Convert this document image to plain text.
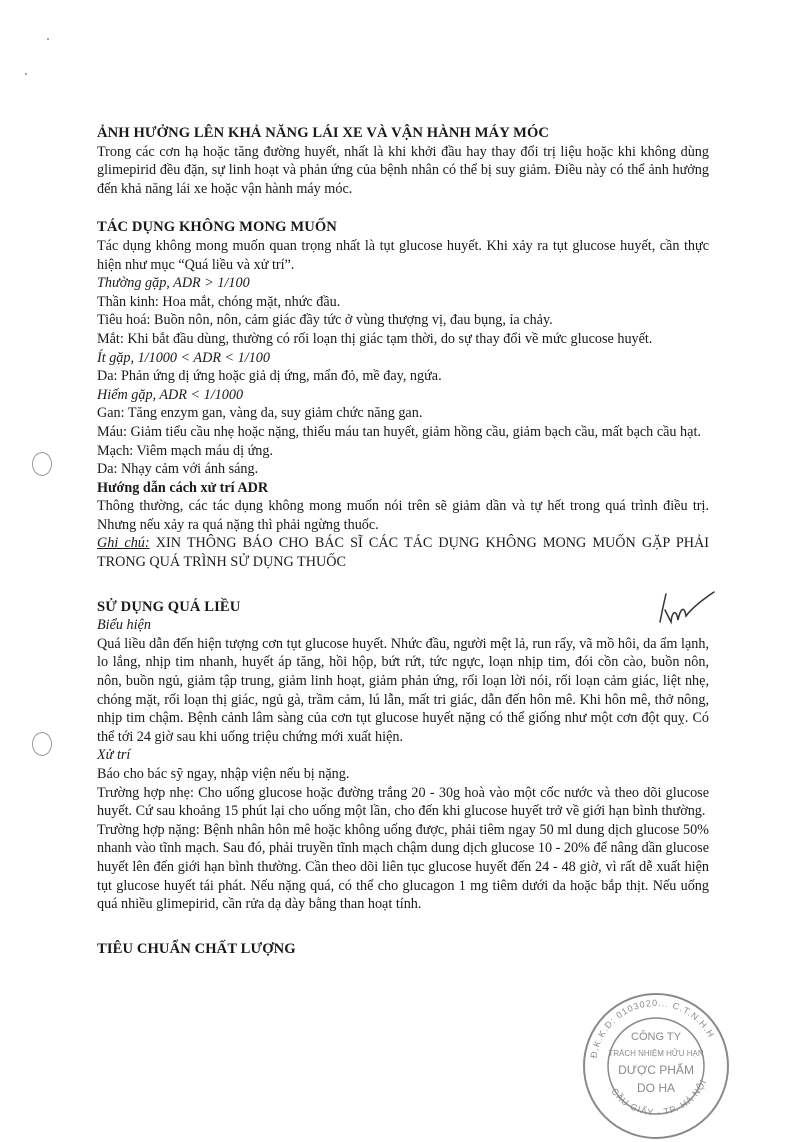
ẢNH HƯỞNG LÊN KHẢ NĂNG LÁI XE VÀ VẬN HÀNH MÁY MÓC

Trong các cơn hạ hoặc tăng đường huyết, nhất là khi khởi đầu hay thay đổi trị liệu hoặc khi không dùng glimepirid đều đặn, sự linh hoạt và phản ứng của bệnh nhân có thể bị suy giảm. Điều này có thể ảnh hưởng đến khả năng lái xe hoặc vận hành máy móc.

TÁC DỤNG KHÔNG MONG MUỐN

Tác dụng không mong muốn quan trọng nhất là tụt glucose huyết. Khi xảy ra tụt glucose huyết, cần thực hiện như mục “Quá liều và xử trí”.

Thường gặp, ADR > 1/100

Thần kinh: Hoa mắt, chóng mặt, nhức đầu.

Tiêu hoá: Buồn nôn, nôn, cảm giác đầy tức ở vùng thượng vị, đau bụng, ỉa chảy.

Mắt: Khi bắt đầu dùng, thường có rối loạn thị giác tạm thời, do sự thay đổi về mức glucose huyết.

Ít gặp, 1/1000 < ADR < 1/100

Da: Phản ứng dị ứng hoặc giả dị ứng, mẩn đỏ, mề đay, ngứa.

Hiếm gặp, ADR < 1/1000

Gan: Tăng enzym gan, vàng da, suy giảm chức năng gan.

Máu: Giảm tiểu cầu nhẹ hoặc nặng, thiếu máu tan huyết, giảm hồng cầu, giảm bạch cầu, mất bạch cầu hạt.

Mạch: Viêm mạch máu dị ứng.

Da: Nhạy cảm với ánh sáng.

Hướng dẫn cách xử trí ADR

Thông thường, các tác dụng không mong muốn nói trên sẽ giảm dần và tự hết trong quá trình điều trị. Nhưng nếu xảy ra quá nặng thì phải ngừng thuốc.

Ghi chú: XIN THÔNG BÁO CHO BÁC SĨ CÁC TÁC DỤNG KHÔNG MONG MUỐN GẶP PHẢI TRONG QUÁ TRÌNH SỬ DỤNG THUỐC

SỬ DỤNG QUÁ LIỀU

Biểu hiện

Quá liều dẫn đến hiện tượng cơn tụt glucose huyết. Nhức đầu, người mệt lả, run rẩy, vã mồ hôi, da ẩm lạnh, lo lắng, nhịp tim nhanh, huyết áp tăng, hồi hộp, bứt rứt, tức ngực, loạn nhịp tim, đói cồn cào, buồn nôn, nôn, buồn ngủ, giảm tập trung, giảm linh hoạt, giảm phản ứng, rối loạn lời nói, rối loạn cảm giác, liệt nhẹ, chóng mặt, rối loạn thị giác, ngủ gà, trầm cảm, lú lẫn, mất tri giác, dẫn đến hôn mê. Khi hôn mê, thở nông, nhịp tim chậm. Bệnh cảnh lâm sàng của cơn tụt glucose huyết nặng có thể giống như một cơn đột quỵ. Có thể tới 24 giờ sau khi uống triệu chứng mới xuất hiện.

Xử trí

Báo cho bác sỹ ngay, nhập viện nếu bị nặng.

Trường hợp nhẹ: Cho uống glucose hoặc đường trắng 20 - 30g hoà vào một cốc nước và theo dõi glucose huyết. Cứ sau khoảng 15 phút lại cho uống một lần, cho đến khi glucose huyết trở về giới hạn bình thường.

Trường hợp nặng: Bệnh nhân hôn mê hoặc không uống được, phải tiêm ngay 50 ml dung dịch glucose 50% nhanh vào tĩnh mạch. Sau đó, phải truyền tĩnh mạch chậm dung dịch glucose 10 - 20% để nâng dần glucose huyết lên đến giới hạn bình thường. Cần theo dõi liên tục glucose huyết đến 24 - 48 giờ, vì rất dễ xuất hiện tụt glucose huyết tái phát. Nếu nặng quá, có thể cho glucagon 1 mg tiêm dưới da hoặc bắp thịt. Nếu uống quá nhiều glimepirid, cần rửa dạ dày bằng than hoạt tính.

TIÊU CHUẨN CHẤT LƯỢNG
Đ.K.K.D: 0103020... C.T.N.H.H
CẦU GIẤY - TP. HÀ NỘI
CÔNG TY
TRÁCH NHIỆM HỮU HẠN
DƯỢC PHẨM
DO HA
